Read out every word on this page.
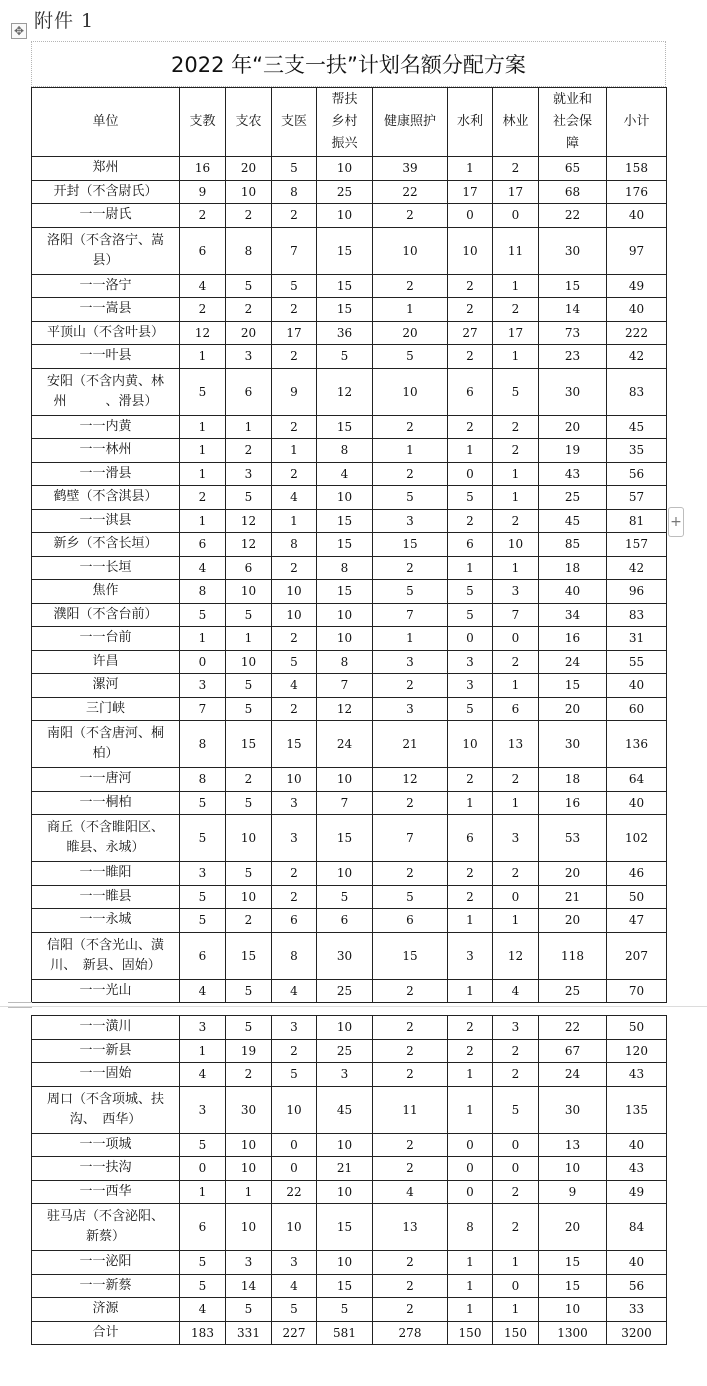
附件 1
✥
2022 年“三支一扶”计划名额分配方案
+
单位	支教	支农	支医	帮扶
乡村
振兴	健康照护	水利	林业	就业和
社会保
障	小计
郑州	16	20	5	10	39	1	2	65	158
开封（不含尉氏）	9	10	8	25	22	17	17	68	176
一一尉氏	2	2	2	10	2	0	0	22	40
洛阳（不含洛宁、嵩
县）	6	8	7	15	10	10	11	30	97
一一洛宁	4	5	5	15	2	2	1	15	49
一一嵩县	2	2	2	15	1	2	2	14	40
平顶山（不含叶县）	12	20	17	36	20	27	17	73	222
一一叶县	1	3	2	5	5	2	1	23	42
安阳（不含内黄、林
州　　　、滑县）	5	6	9	12	10	6	5	30	83
一一内黄	1	1	2	15	2	2	2	20	45
一一林州	1	2	1	8	1	1	2	19	35
一一滑县	1	3	2	4	2	0	1	43	56
鹤壁（不含淇县）	2	5	4	10	5	5	1	25	57
一一淇县	1	12	1	15	3	2	2	45	81
新乡（不含长垣）	6	12	8	15	15	6	10	85	157
一一长垣	4	6	2	8	2	1	1	18	42
焦作	8	10	10	15	5	5	3	40	96
濮阳（不含台前）	5	5	10	10	7	5	7	34	83
一一台前	1	1	2	10	1	0	0	16	31
许昌	0	10	5	8	3	3	2	24	55
漯河	3	5	4	7	2	3	1	15	40
三门峡	7	5	2	12	3	5	6	20	60
南阳（不含唐河、桐
柏）	8	15	15	24	21	10	13	30	136
一一唐河	8	2	10	10	12	2	2	18	64
一一桐柏	5	5	3	7	2	1	1	16	40
商丘（不含睢阳区、
睢县、永城）	5	10	3	15	7	6	3	53	102
一一睢阳	3	5	2	10	2	2	2	20	46
一一睢县	5	10	2	5	5	2	0	21	50
一一永城	5	2	6	6	6	1	1	20	47
信阳（不含光山、潢
川、　新县、固始）	6	15	8	30	15	3	12	118	207
一一光山	4	5	4	25	2	1	4	25	70
一一潢川	3	5	3	10	2	2	3	22	50
一一新县	1	19	2	25	2	2	2	67	120
一一固始	4	2	5	3	2	1	2	24	43
周口（不含项城、扶
沟、　西华）	3	30	10	45	11	1	5	30	135
一一项城	5	10	0	10	2	0	0	13	40
一一扶沟	0	10	0	21	2	0	0	10	43
一一西华	1	1	22	10	4	0	2	9	49
驻马店（不含泌阳、
新蔡）	6	10	10	15	13	8	2	20	84
一一泌阳	5	3	3	10	2	1	1	15	40
一一新蔡	5	14	4	15	2	1	0	15	56
济源	4	5	5	5	2	1	1	10	33
合计	183	331	227	581	278	150	150	1300	3200
